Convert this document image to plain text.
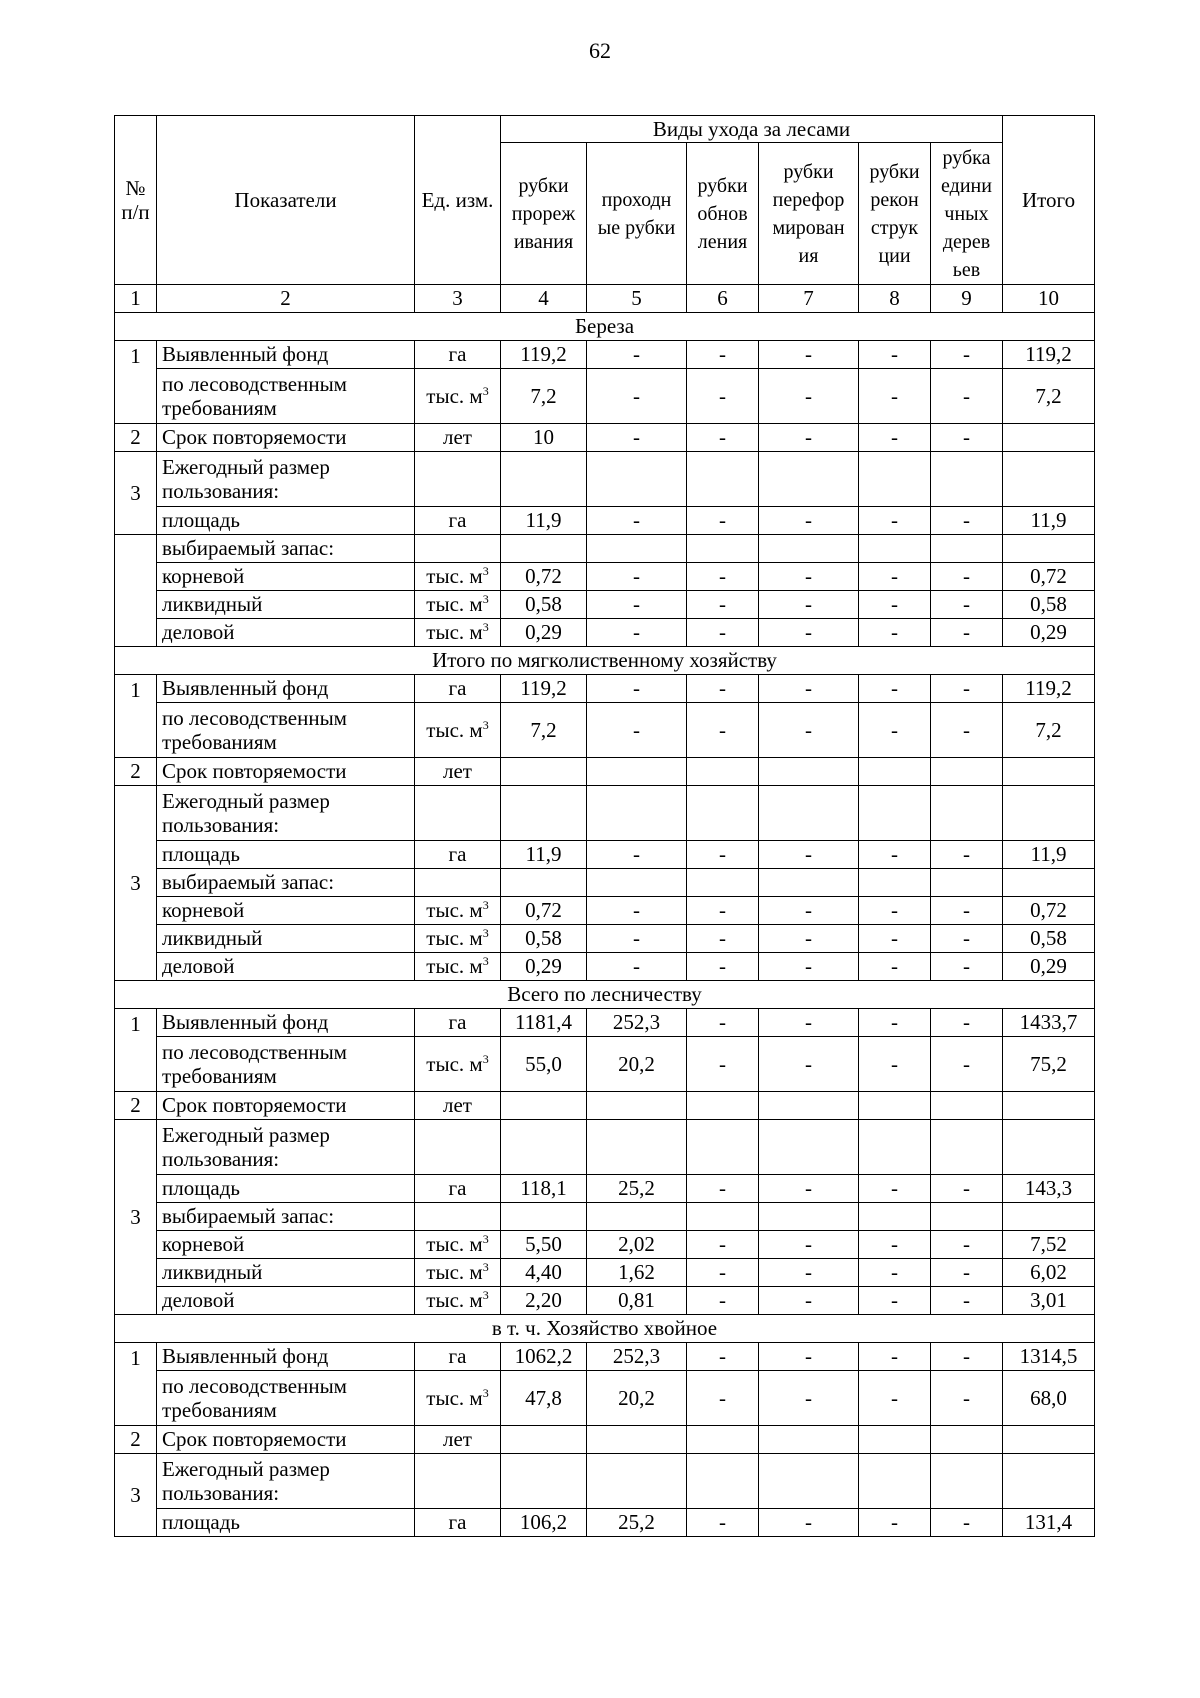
62
№ п/п	Показатели	Ед. изм.	Виды ухода за лесами						Итого
			рубки прореж ивания	проходн ые рубки	рубки обнов ления	рубки перефор мирован ия	рубки рекон струк ции	рубка едини чных дерев ьев	
1	2	3	4	5	6	7	8	9	10
Береза									
1	Выявленный фонд	га	119,2	-	-	-	-	-	119,2
	по лесоводственным требованиям	тыс. $м^3$	7,2	-	-	-	-	-	7,2
2	Срок повторяемости	лет	10	-	-	-	-	-	
3	Ежегодный размер пользования:								
	площадь	га	11,9	-	-	-	-	-	11,9
	выбираемый запас:								
	корневой	тыс. $м^3$	0,72	-	-	-	-	-	0,72
	ликвидный	тыс. $м^3$	0,58	-	-	-	-	-	0,58
	деловой	тыс. $м^3$	0,29	-	-	-	-	-	0,29
Итого по мягколиственному хозяйству									
1	Выявленный фонд	га	119,2	-	-	-	-	-	119,2
	по лесоводственным требованиям	тыс. $м^3$	7,2	-	-	-	-	-	7,2
2	Срок повторяемости	лет							
3	Ежегодный размер пользования:								
	площадь	га	11,9	-	-	-	-	-	11,9
	выбираемый запас:								
	корневой	тыс. $м^3$	0,72	-	-	-	-	-	0,72
	ликвидный	тыс. $м^3$	0,58	-	-	-	-	-	0,58
	деловой	тыс. $м^3$	0,29	-	-	-	-	-	0,29
Всего по лесничеству									
1	Выявленный фонд	га	1181,4	252,3	-	-	-	-	1433,7
	по лесоводственным требованиям	тыс. $м^3$	55,0	20,2	-	-	-	-	75,2
2	Срок повторяемости	лет							
3	Ежегодный размер пользования:								
	площадь	га	118,1	25,2	-	-	-	-	143,3
	выбираемый запас:								
	корневой	тыс. $м^3$	5,50	2,02	-	-	-	-	7,52
	ликвидный	тыс. $м^3$	4,40	1,62	-	-	-	-	6,02
	деловой	тыс. $м^3$	2,20	0,81	-	-	-	-	3,01
в т. ч. Хозяйство хвойное									
1	Выявленный фонд	га	1062,2	252,3	-	-	-	-	1314,5
	по лесоводственным требованиям	тыс. $м^3$	47,8	20,2	-	-	-	-	68,0
2	Срок повторяемости	лет							
3	Ежегодный размер пользования:								
	площадь	га	106,2	25,2	-	-	-	-	131,4
